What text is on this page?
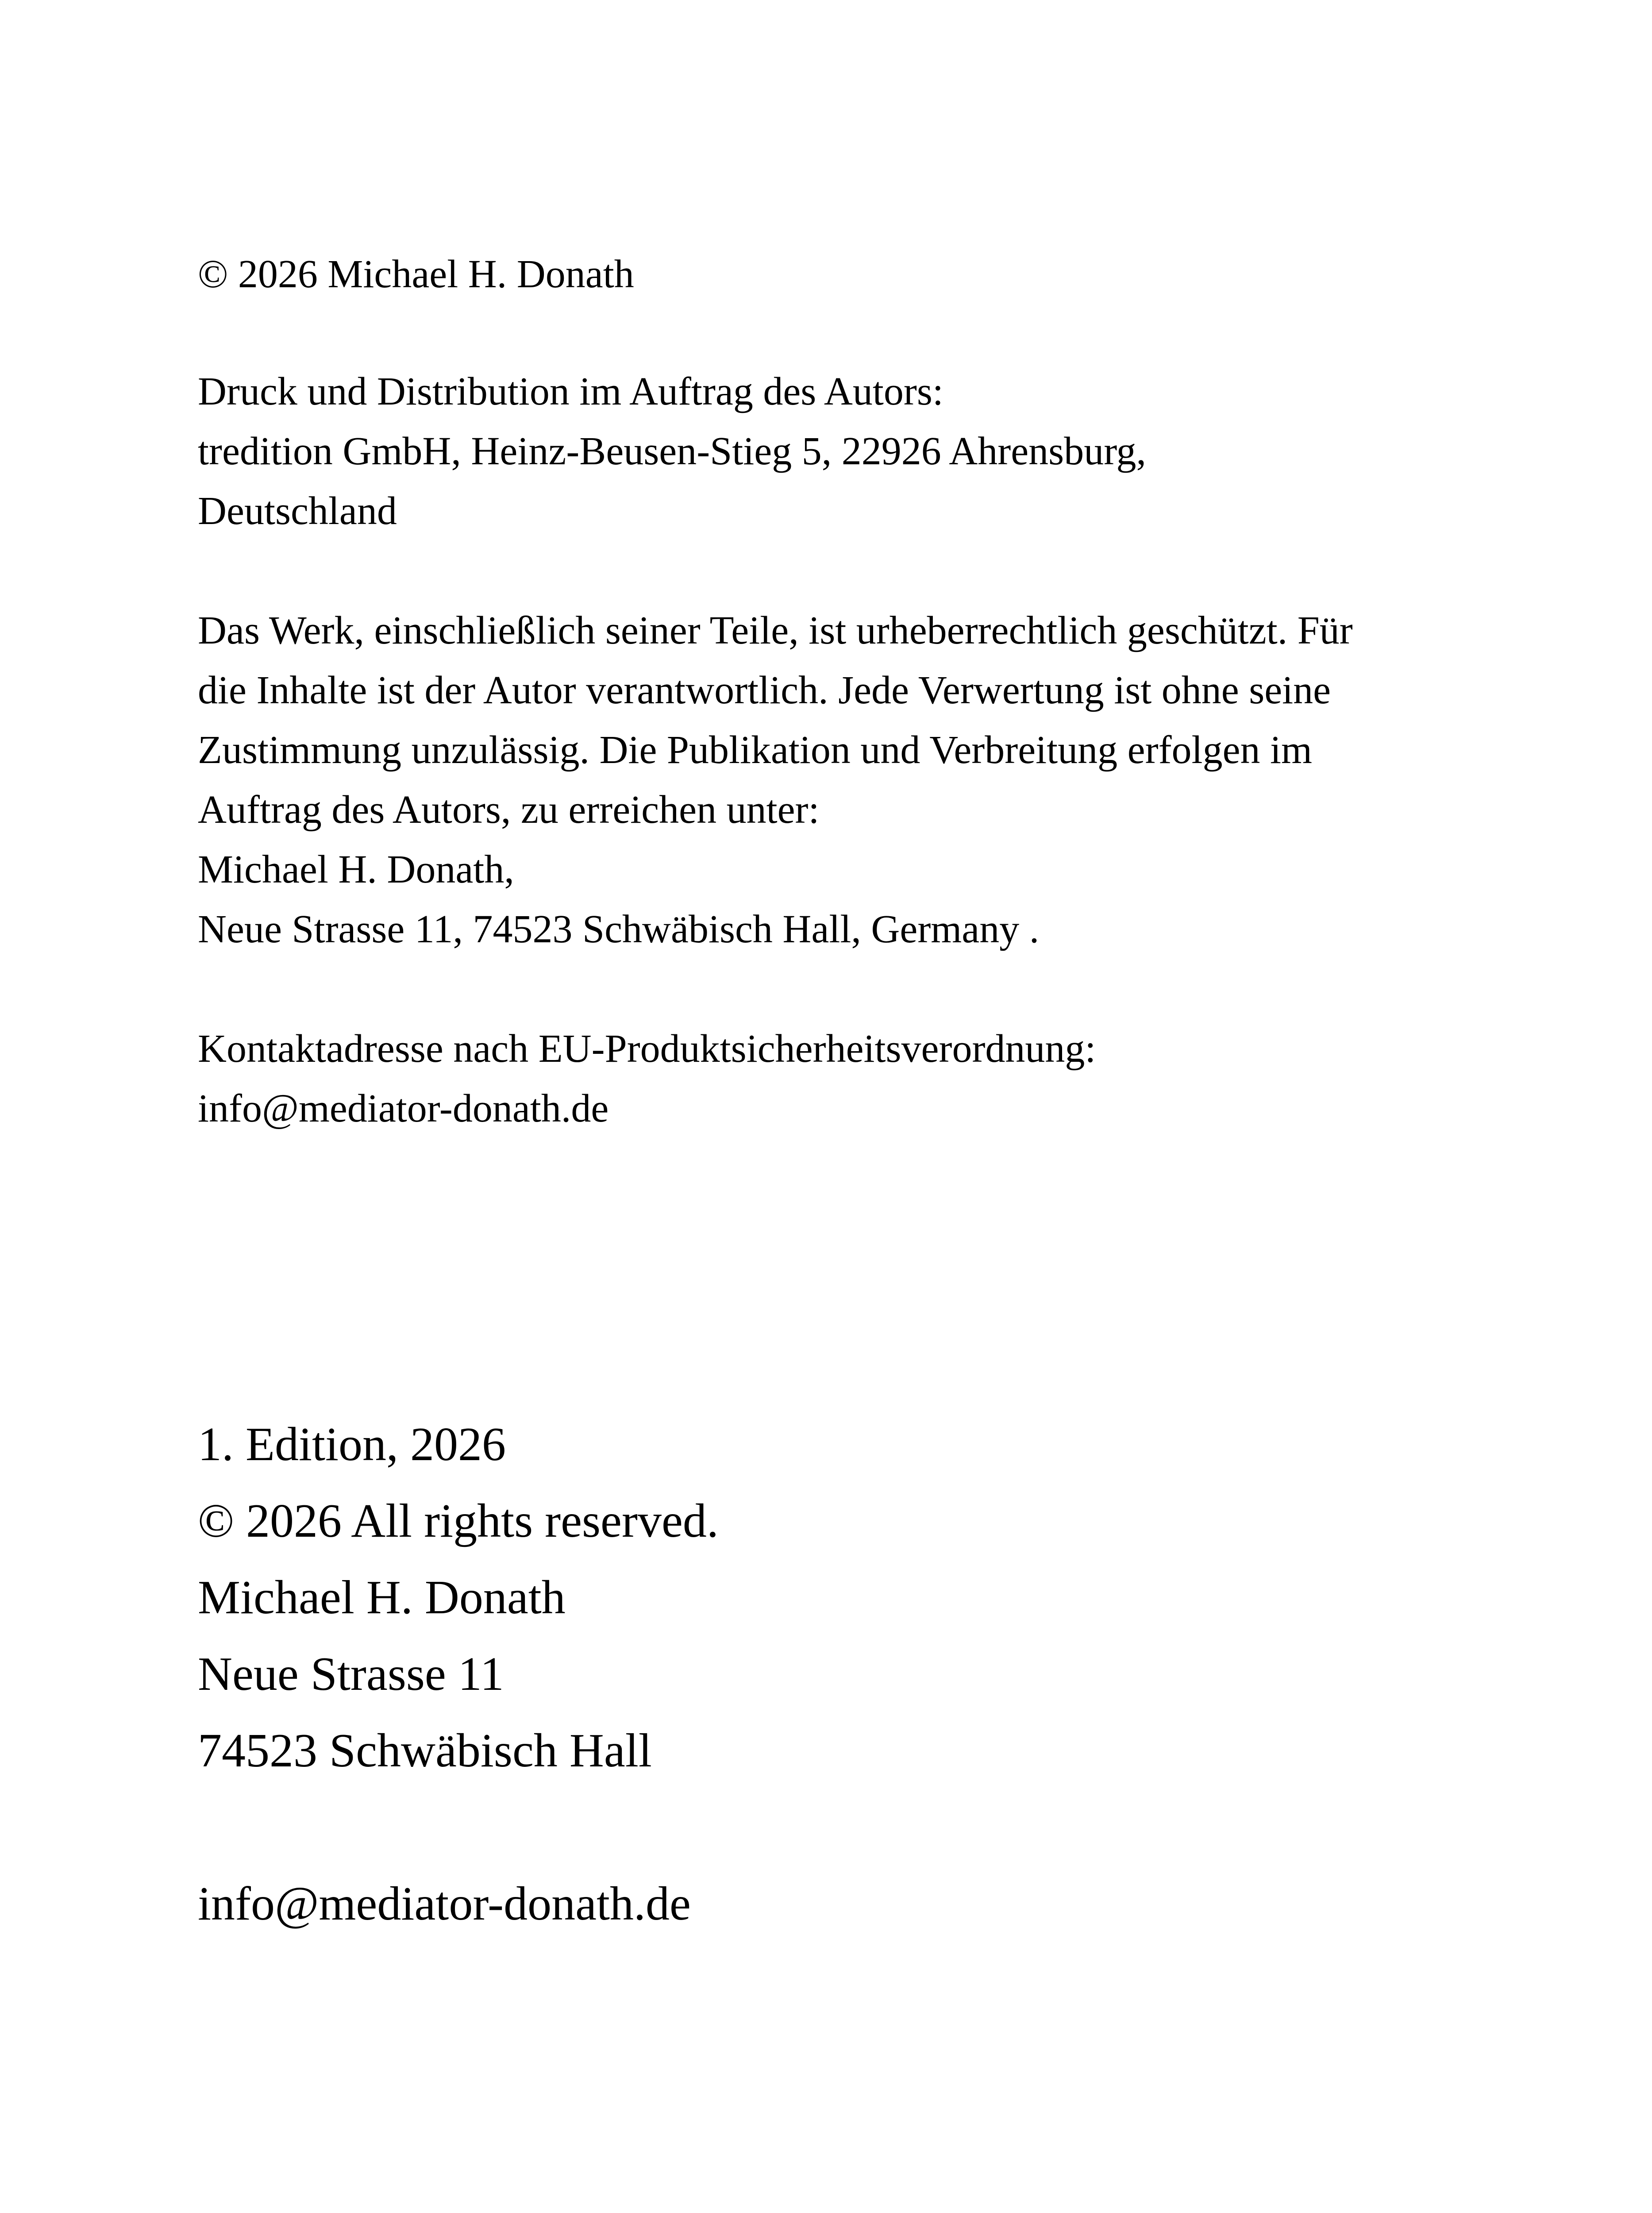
© 2026 Michael H. Donath
Druck und Distribution im Auftrag des Autors:
tredition GmbH, Heinz-Beusen-Stieg 5, 22926 Ahrensburg,
Deutschland
Das Werk, einschließlich seiner Teile, ist urheberrechtlich geschützt. Für
die Inhalte ist der Autor verantwortlich. Jede Verwertung ist ohne seine
Zustimmung unzulässig. Die Publikation und Verbreitung erfolgen im
Auftrag des Autors, zu erreichen unter:
Michael H. Donath,
Neue Strasse 11, 74523 Schwäbisch Hall, Germany .
Kontaktadresse nach EU-Produktsicherheitsverordnung:
info@mediator-donath.de
1. Edition, 2026
© 2026 All rights reserved.
Michael H. Donath
Neue Strasse 11
74523 Schwäbisch Hall
info@mediator-donath.de
